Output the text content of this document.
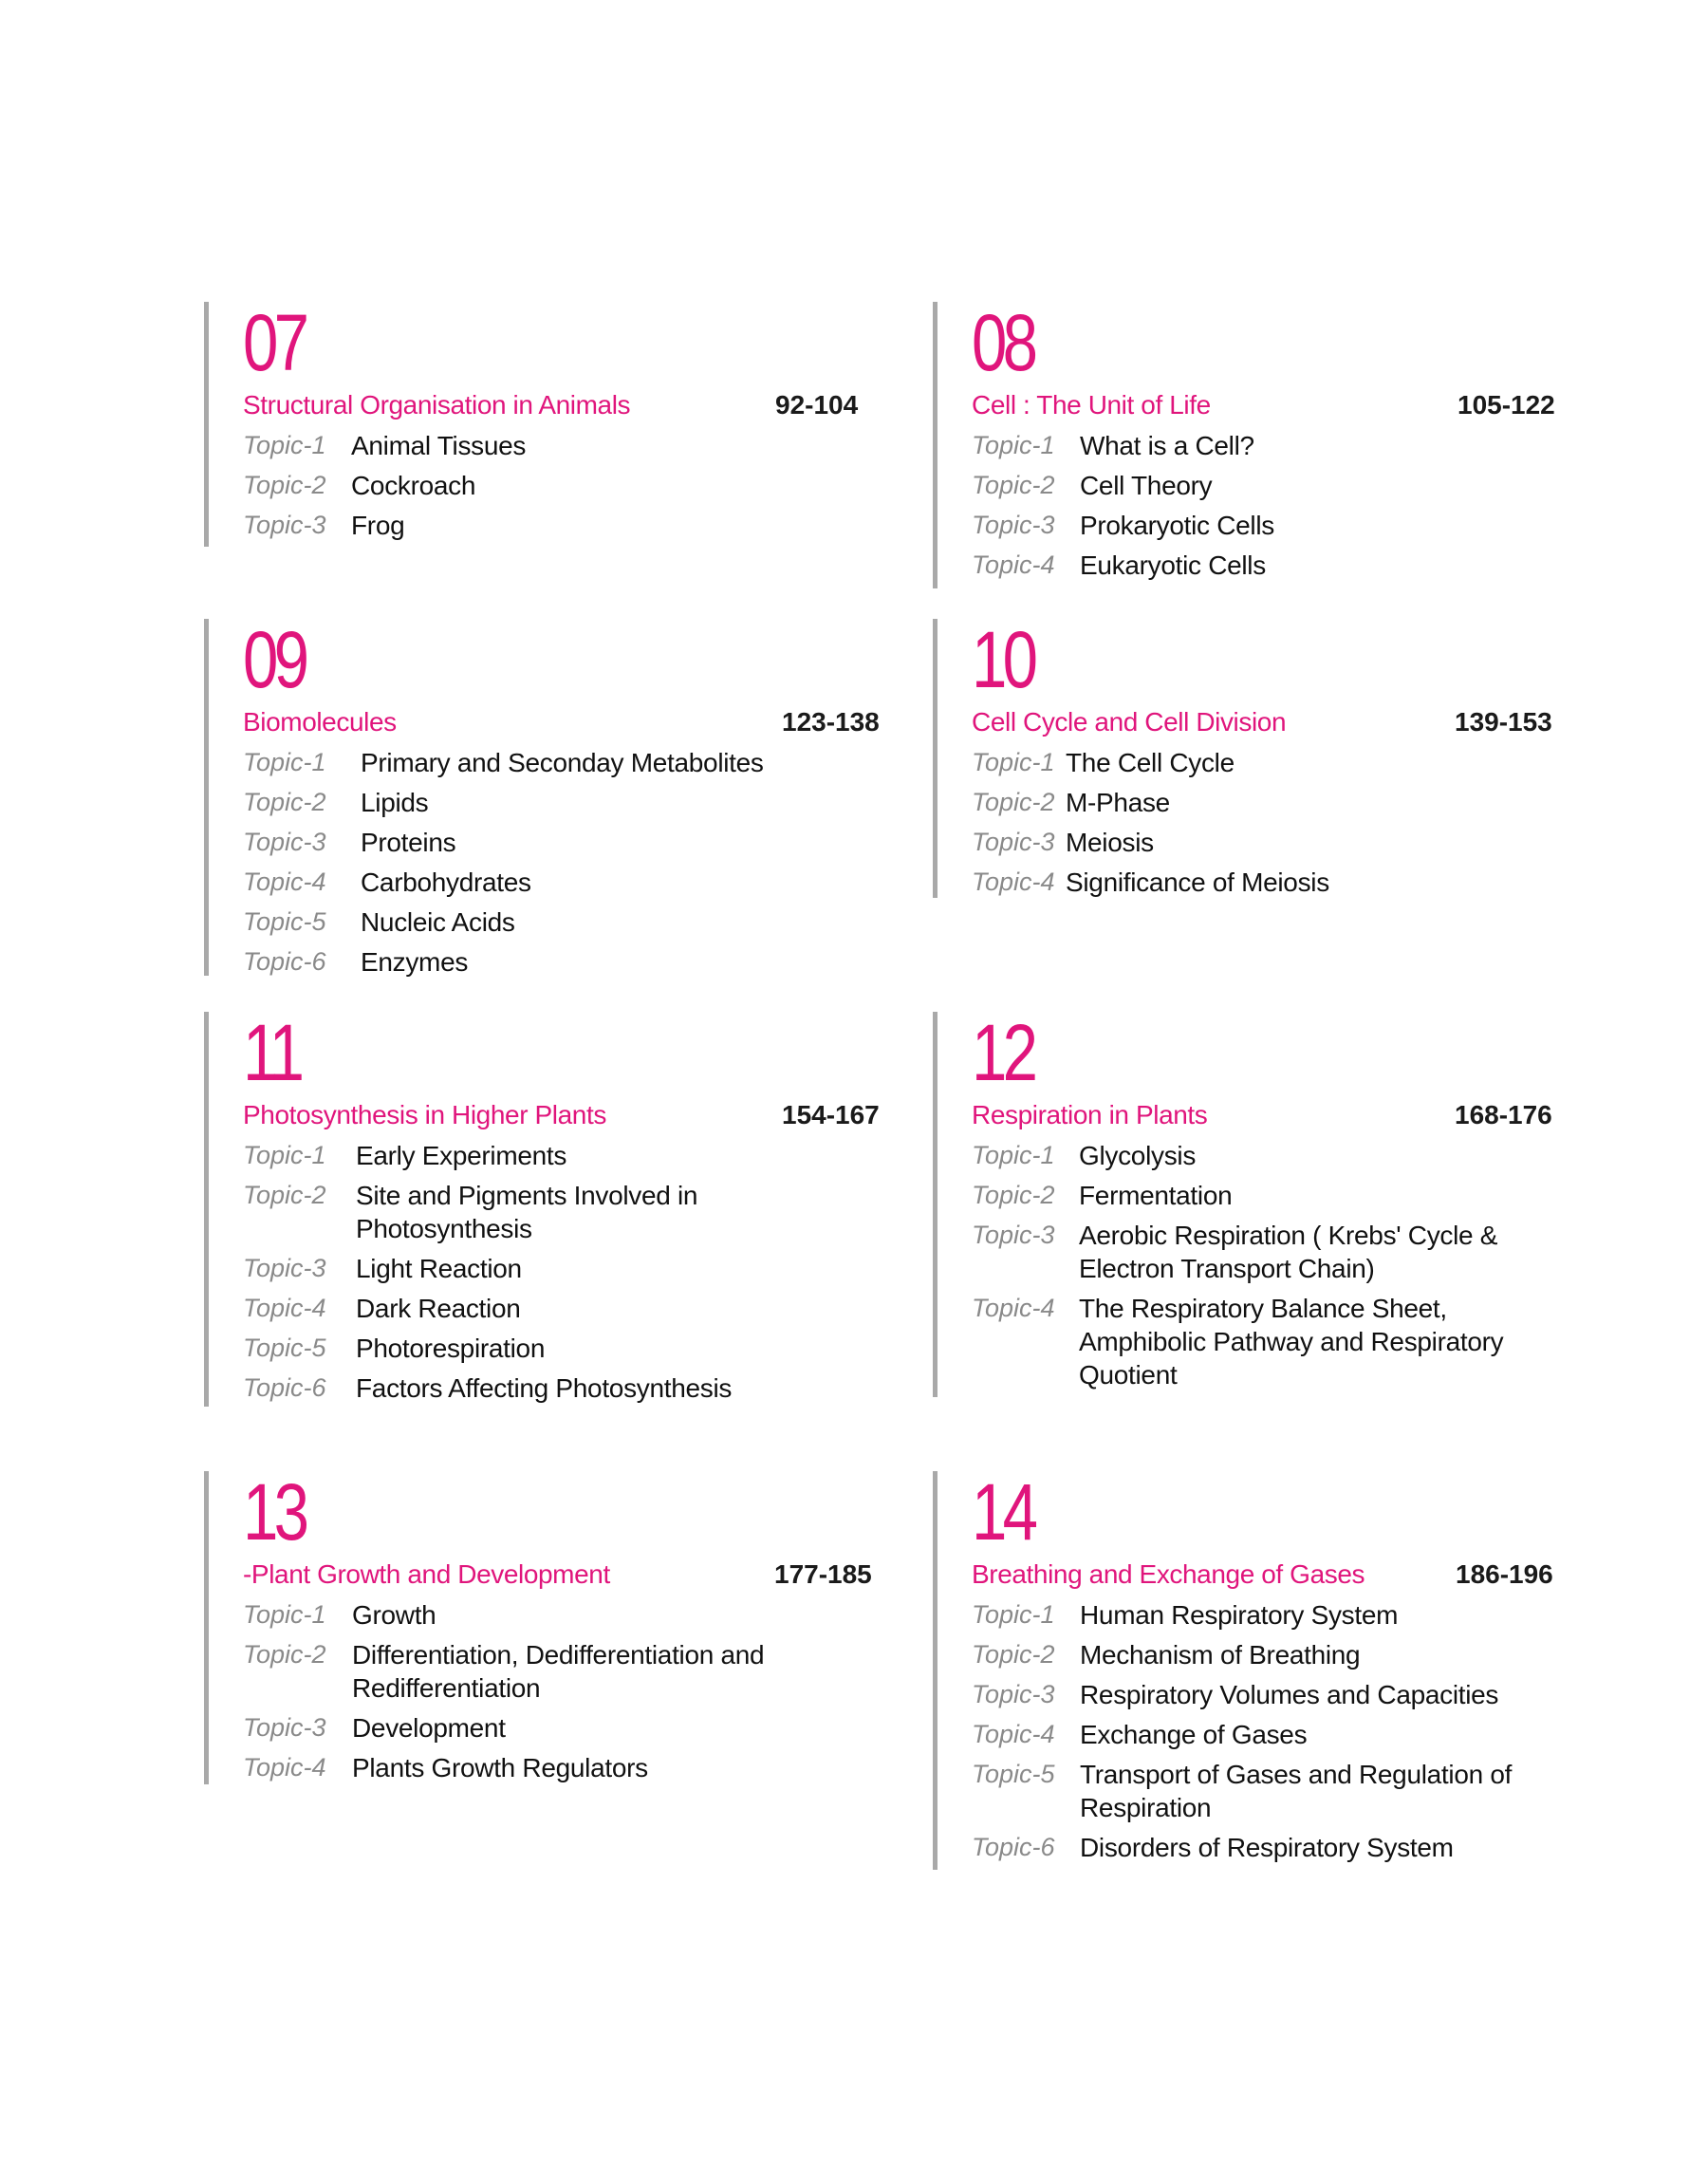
07
Structural Organisation in Animals	92-104
Topic-1 Animal Tissues
Topic-2 Cockroach
Topic-3 Frog
08
Cell : The Unit of Life	105-122
Topic-1 What is a Cell?
Topic-2 Cell Theory
Topic-3 Prokaryotic Cells
Topic-4 Eukaryotic Cells
09
Biomolecules	123-138
Topic-1	Primary and Seconday Metabolites
Topic-2	Lipids
Topic-3	Proteins
Topic-4	Carbohydrates
Topic-5	Nucleic Acids
Topic-6	Enzymes
10
Cell Cycle and Cell Division	139-153
Topic-1 The Cell Cycle
Topic-2 M-Phase
Topic-3 Meiosis
Topic-4 Significance of Meiosis
11
Photosynthesis in Higher Plants	154-167
Topic-1	Early Experiments
Topic-2	Site and Pigments Involved in Photosynthesis
Topic-3	Light Reaction
Topic-4	Dark Reaction
Topic-5	Photorespiration
Topic-6	Factors Affecting Photosynthesis
12
Respiration in Plants	168-176
Topic-1 Glycolysis
Topic-2 Fermentation
Topic-3 Aerobic Respiration ( Krebs' Cycle & Electron Transport Chain)
Topic-4 The Respiratory Balance Sheet, Amphibolic Pathway and Respiratory Quotient
13
-Plant Growth and Development	177-185
Topic-1 Growth
Topic-2 Differentiation, Dedifferentiation and Redifferentiation
Topic-3 Development
Topic-4 Plants Growth Regulators
14
Breathing and Exchange of Gases	186-196
Topic-1 Human Respiratory System
Topic-2 Mechanism of Breathing
Topic-3 Respiratory Volumes and Capacities
Topic-4 Exchange of Gases
Topic-5 Transport of Gases and Regulation of Respiration
Topic-6 Disorders of Respiratory System
